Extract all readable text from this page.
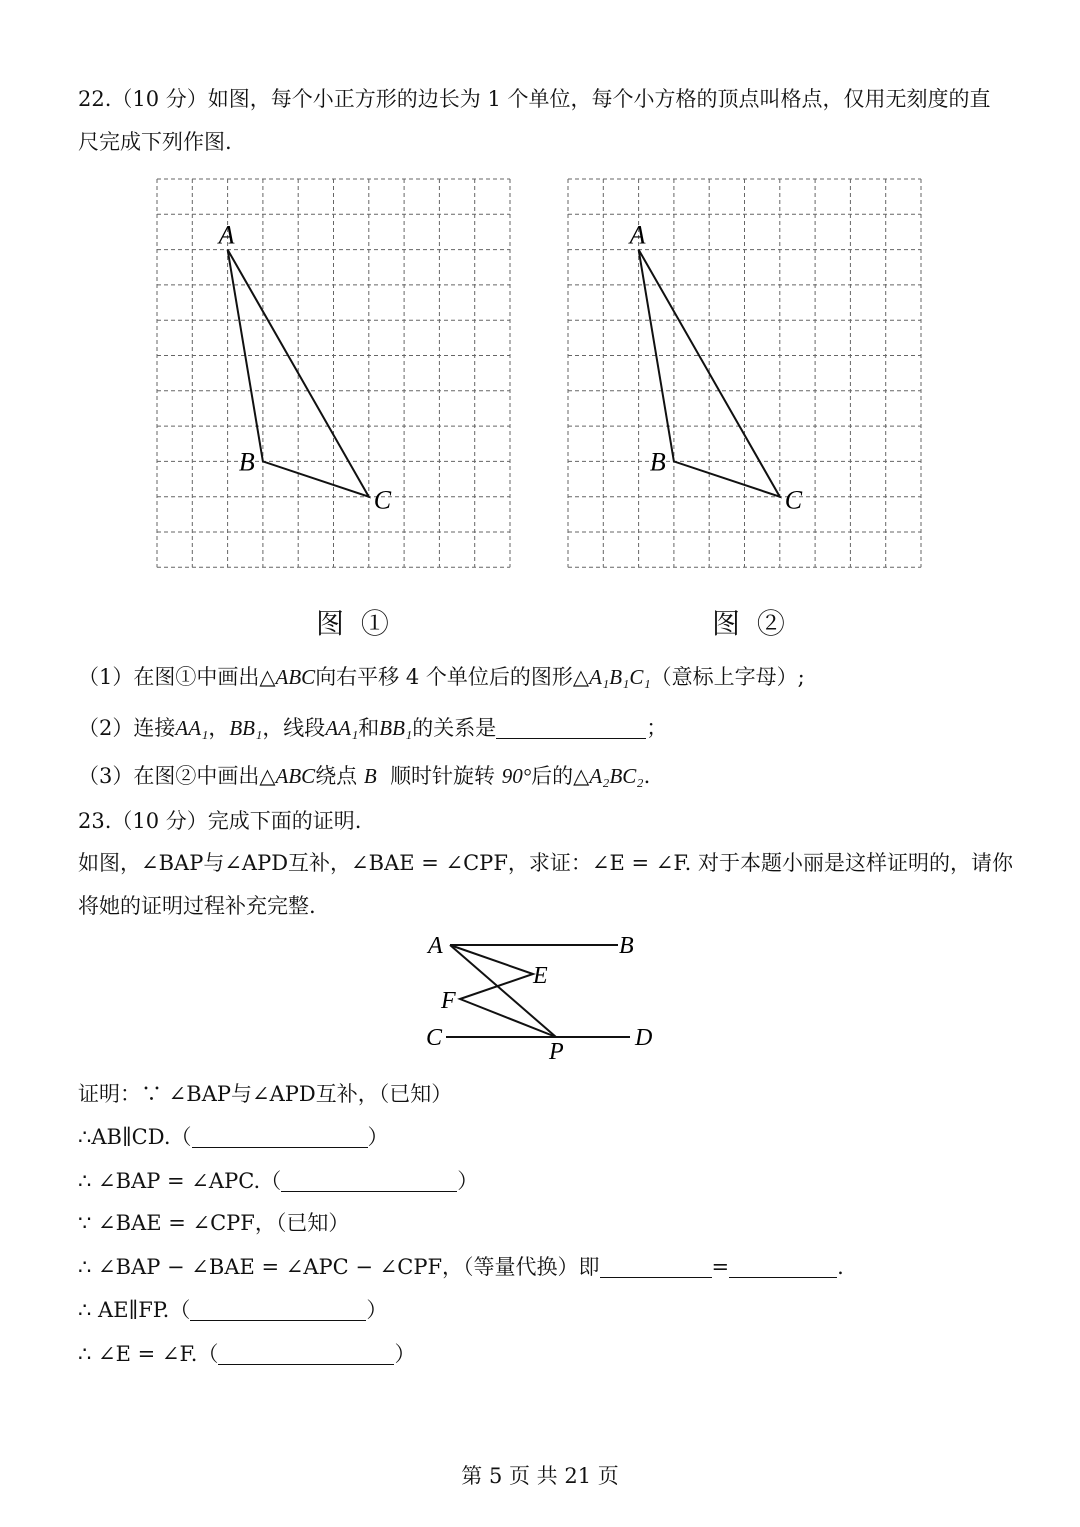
22.（10 分）如图，每个小正方形的边长为 1 个单位，每个小方格的顶点叫格点，仅用无刻度的直
尺完成下列作图.
A
B
C
A
B
C
图 ①	图 ②
（1）在图①中画出△ABC向右平移 4 个单位后的图形△A₁B₁C₁（意标上字母）;
（2）连接AA₁，BB₁，线段AA₁和BB₁的关系是	；
（3）在图②中画出△ABC绕点 B 顺时针旋转 90°后的△A₂BC₂.
23.（10 分）完成下面的证明.
如图，∠BAP与∠APD互补，∠BAE = ∠CPF，求证：∠E = ∠F. 对于本题小丽是这样证明的，请你
将她的证明过程补充完整.
A	B
E
F
C	D
P
证明：∵ ∠BAP与∠APD互补，（已知）
∴AB∥CD.（	）
∴ ∠BAP = ∠APC.（	）
∵ ∠BAE = ∠CPF，（已知）
∴ ∠BAP − ∠BAE = ∠APC − ∠CPF，（等量代换）即	=	.
∴ AE∥FP.（	）
∴ ∠E = ∠F.（	）
第 5 页 共 21 页
